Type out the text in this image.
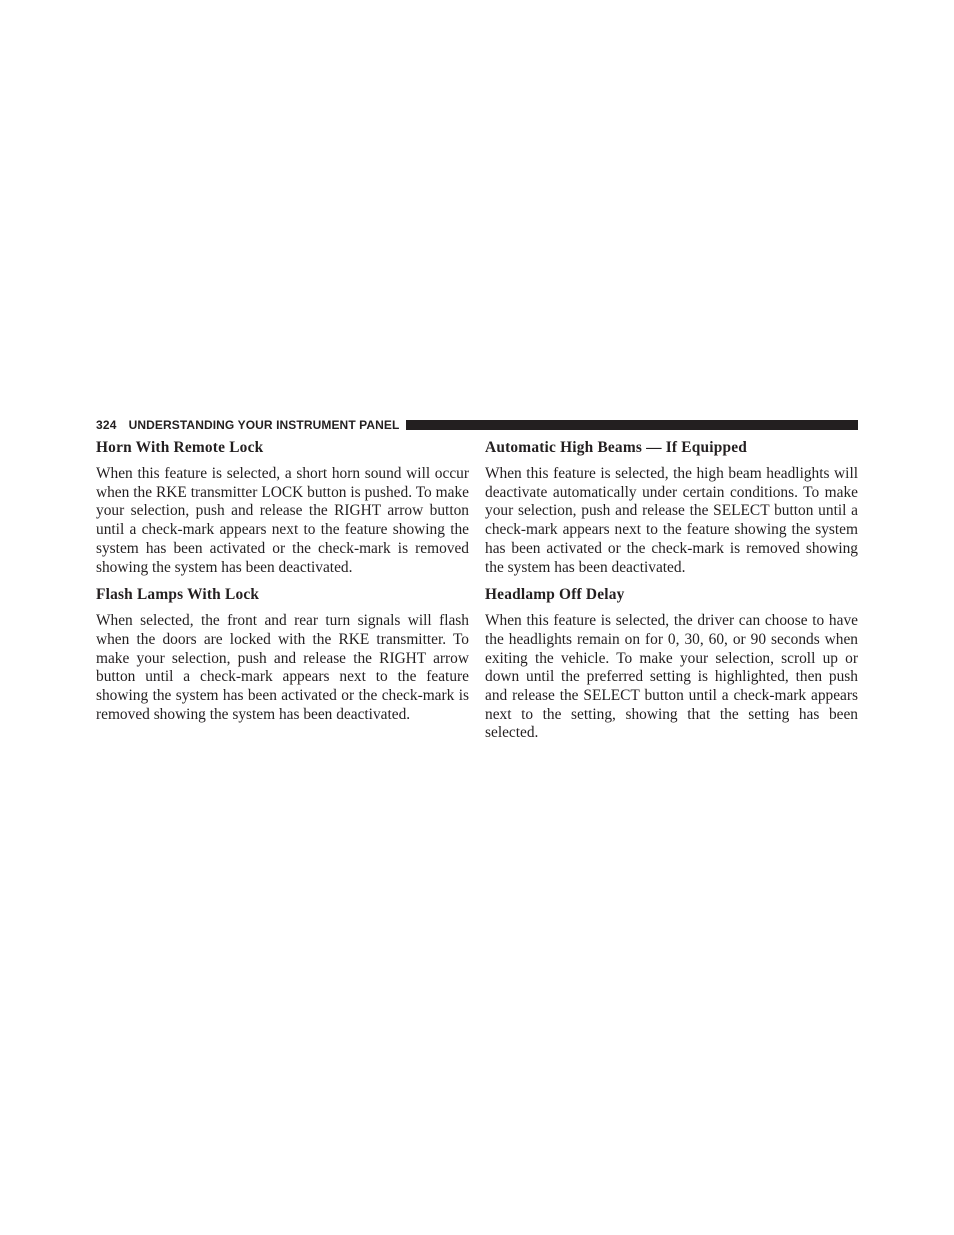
324 UNDERSTANDING YOUR INSTRUMENT PANEL
Horn With Remote Lock

When this feature is selected, a short horn sound will occur when the RKE transmitter LOCK button is pushed. To make your selection, push and release the RIGHT arrow button until a check-mark appears next to the feature showing the system has been activated or the check-mark is removed showing the system has been deactivated.

Flash Lamps With Lock

When selected, the front and rear turn signals will flash when the doors are locked with the RKE transmitter. To make your selection, push and release the RIGHT arrow button until a check-mark appears next to the feature showing the system has been activated or the check-mark is removed showing the system has been deactivated.

Automatic High Beams — If Equipped

When this feature is selected, the high beam headlights will deactivate automatically under certain conditions. To make your selection, push and release the SELECT button until a check-mark appears next to the feature showing the system has been activated or the check-mark is removed showing the system has been deactivated.

Headlamp Off Delay

When this feature is selected, the driver can choose to have the headlights remain on for 0, 30, 60, or 90 seconds when exiting the vehicle. To make your selection, scroll up or down until the preferred setting is highlighted, then push and release the SELECT button until a check-mark appears next to the setting, showing that the setting has been selected.
